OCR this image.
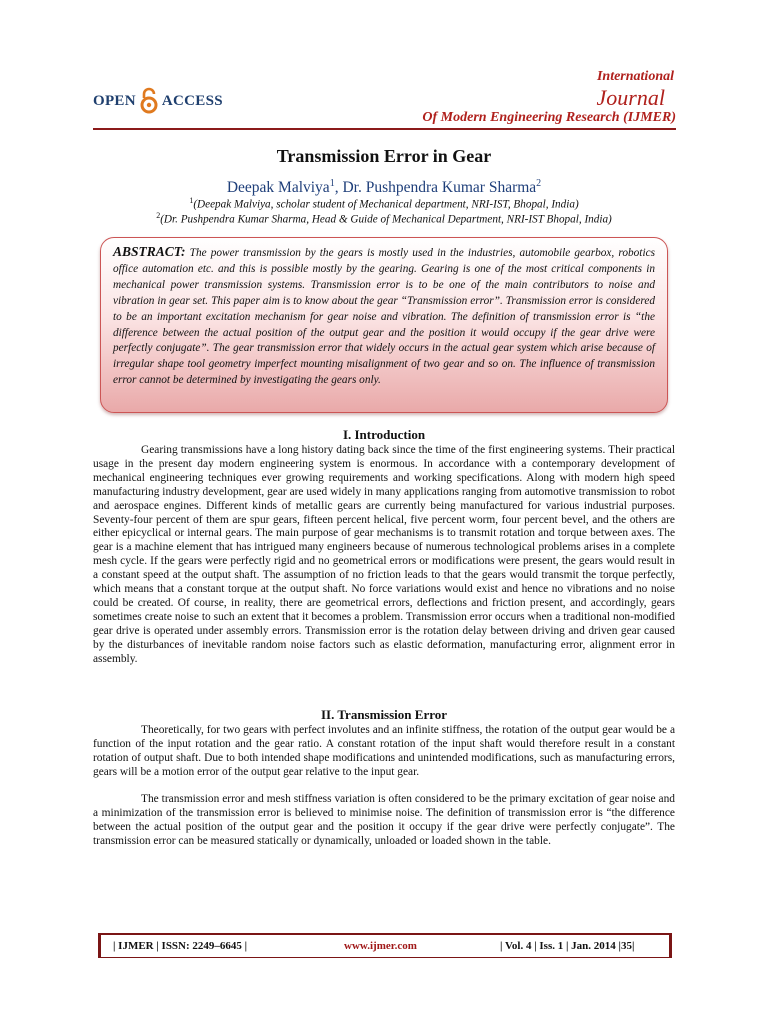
OPEN ACCESS
International
Journal
Of Modern Engineering Research (IJMER)
Transmission Error in Gear
Deepak Malviya$^1$, Dr. Pushpendra Kumar Sharma$^2$
$^1$(Deepak Malviya, scholar student of Mechanical department, NRI-IST, Bhopal, India)
$^2$(Dr. Pushpendra Kumar Sharma, Head & Guide of Mechanical Department, NRI-IST Bhopal, India)
ABSTRACT: The power transmission by the gears is mostly used in the industries, automobile gearbox, robotics office automation etc. and this is possible mostly by the gearing. Gearing is one of the most critical components in mechanical power transmission systems. Transmission error is to be one of the main contributors to noise and vibration in gear set. This paper aim is to know about the gear “Transmission error”. Transmission error is considered to be an important excitation mechanism for gear noise and vibration. The definition of transmission error is “the difference between the actual position of the output gear and the position it would occupy if the gear drive were perfectly conjugate”. The gear transmission error that widely occurs in the actual gear system which arise because of irregular shape tool geometry imperfect mounting misalignment of two gear and so on. The influence of transmission error cannot be determined by investigating the gears only.
I. Introduction

Gearing transmissions have a long history dating back since the time of the first engineering systems. Their practical usage in the present day modern engineering system is enormous. In accordance with a contemporary development of mechanical engineering techniques ever growing requirements and working specifications. Along with modern high speed manufacturing industry development, gear are used widely in many applications ranging from automotive transmission to robot and aerospace engines. Different kinds of metallic gears are currently being manufactured for various industrial purposes. Seventy-four percent of them are spur gears, fifteen percent helical, five percent worm, four percent bevel, and the others are either epicyclical or internal gears. The main purpose of gear mechanisms is to transmit rotation and torque between axes. The gear is a machine element that has intrigued many engineers because of numerous technological problems arises in a complete mesh cycle. If the gears were perfectly rigid and no geometrical errors or modifications were present, the gears would result in a constant speed at the output shaft. The assumption of no friction leads to that the gears would transmit the torque perfectly, which means that a constant torque at the output shaft. No force variations would exist and hence no vibrations and no noise could be created. Of course, in reality, there are geometrical errors, deflections and friction present, and accordingly, gears sometimes create noise to such an extent that it becomes a problem. Transmission error occurs when a traditional non-modified gear drive is operated under assembly errors. Transmission error is the rotation delay between driving and driven gear caused by the disturbances of inevitable random noise factors such as elastic deformation, manufacturing error, alignment error in assembly.

II. Transmission Error

Theoretically, for two gears with perfect involutes and an infinite stiffness, the rotation of the output gear would be a function of the input rotation and the gear ratio. A constant rotation of the input shaft would therefore result in a constant rotation of output shaft. Due to both intended shape modifications and unintended modifications, such as manufacturing errors, gears will be a motion error of the output gear relative to the input gear.

The transmission error and mesh stiffness variation is often considered to be the primary excitation of gear noise and a minimization of the transmission error is believed to minimise noise. The definition of transmission error is “the difference between the actual position of the output gear and the position it occupy if the gear drive were perfectly conjugate”. The transmission error can be measured statically or dynamically, unloaded or loaded shown in the table.

| IJMER | ISSN: 2249–6645 |	www.ijmer.com	| Vol. 4 | Iss. 1 | Jan. 2014 |35|
